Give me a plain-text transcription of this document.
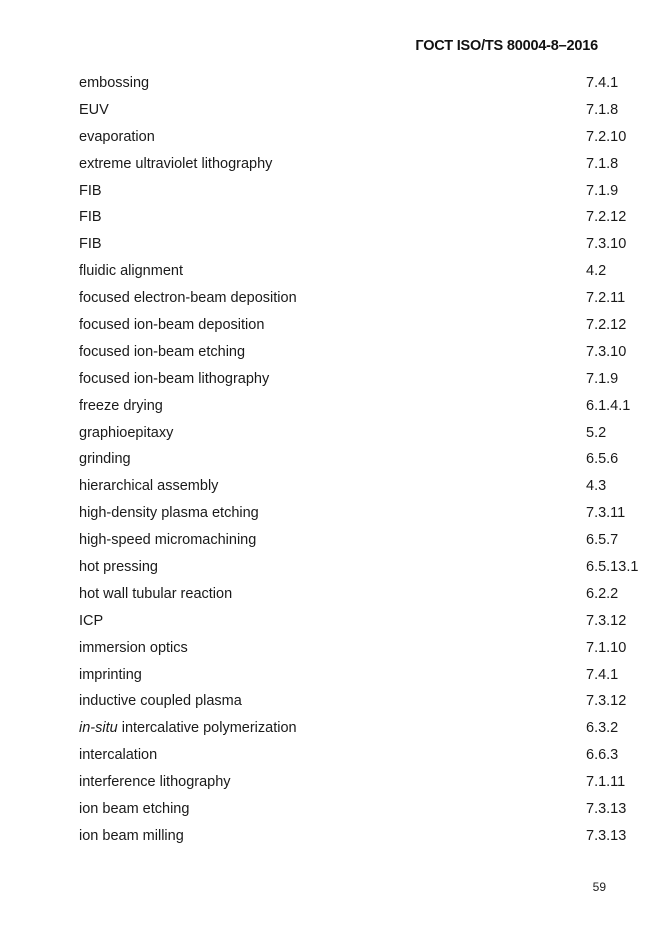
ГОСТ ISO/TS 80004-8–2016
embossing	7.4.1
EUV	7.1.8
evaporation	7.2.10
extreme ultraviolet lithography	7.1.8
FIB	7.1.9
FIB	7.2.12
FIB	7.3.10
fluidic alignment	4.2
focused electron-beam deposition	7.2.11
focused ion-beam deposition	7.2.12
focused ion-beam etching	7.3.10
focused ion-beam lithography	7.1.9
freeze drying	6.1.4.1
graphioepitaxy	5.2
grinding	6.5.6
hierarchical assembly	4.3
high-density plasma etching	7.3.11
high-speed micromachining	6.5.7
hot pressing	6.5.13.1
hot wall tubular reaction	6.2.2
ICP	7.3.12
immersion optics	7.1.10
imprinting	7.4.1
inductive coupled plasma	7.3.12
in-situ intercalative polymerization	6.3.2
intercalation	6.6.3
interference lithography	7.1.11
ion beam etching	7.3.13
ion beam milling	7.3.13
59
